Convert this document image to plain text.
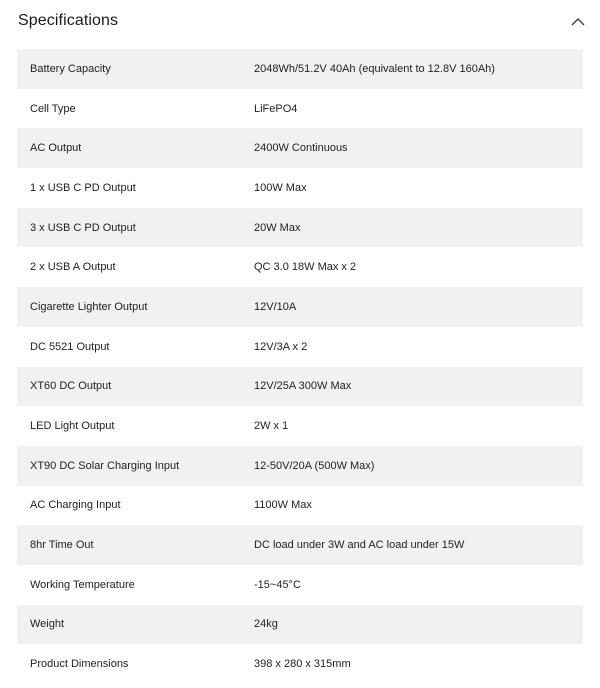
Specifications
Battery Capacity	2048Wh/51.2V 40Ah (equivalent to 12.8V 160Ah)
Cell Type	LiFePO4
AC Output	2400W Continuous
1 x USB C PD Output	100W Max
3 x USB C PD Output	20W Max
2 x USB A Output	QC 3.0 18W Max x 2
Cigarette Lighter Output	12V/10A
DC 5521 Output	12V/3A x 2
XT60 DC Output	12V/25A 300W Max
LED Light Output	2W x 1
XT90 DC Solar Charging Input	12-50V/20A (500W Max)
AC Charging Input	1100W Max
8hr Time Out	DC load under 3W and AC load under 15W
Working Temperature	-15~45°C
Weight	24kg
Product Dimensions	398 x 280 x 315mm
